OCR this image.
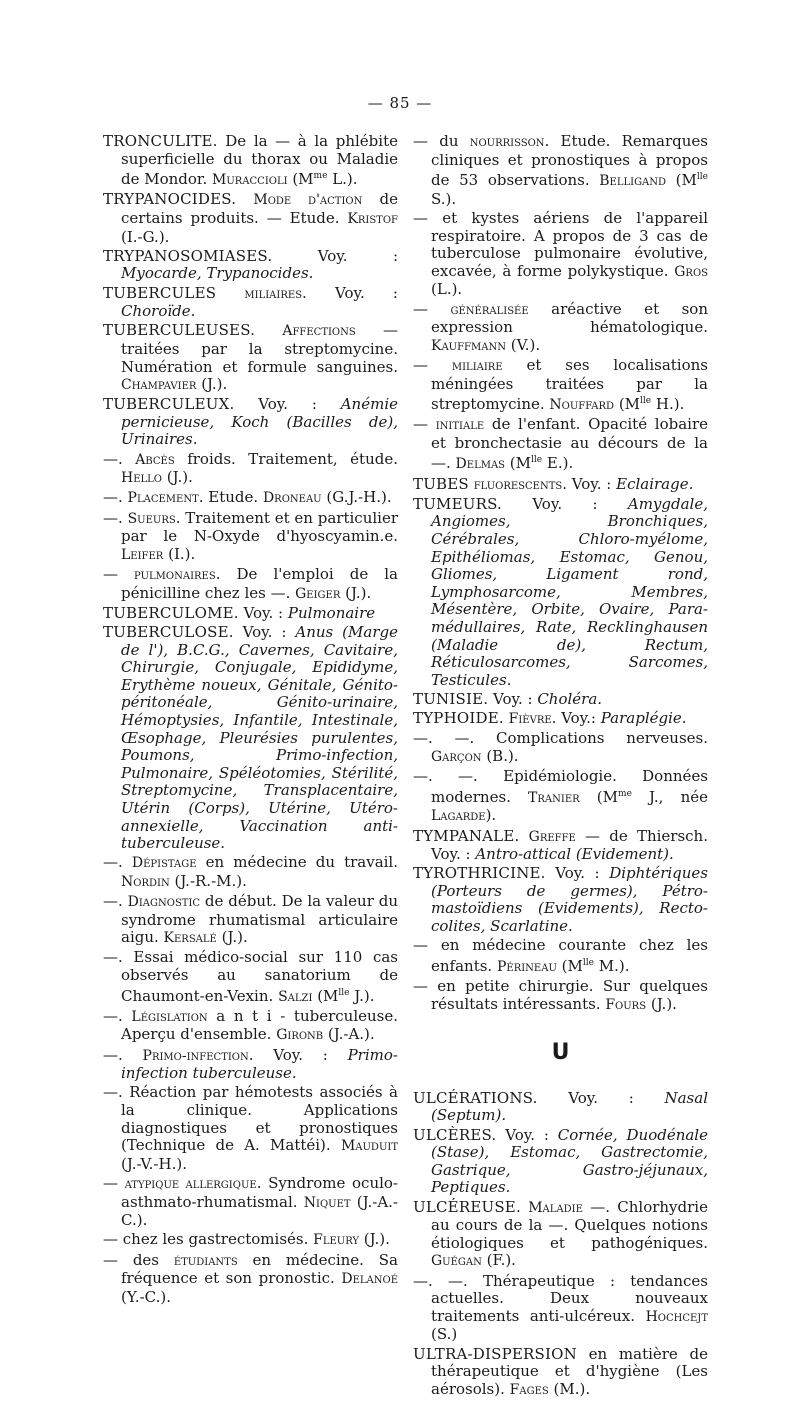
— 85 —

TRONCULITE. De la — à la phlébite superficielle du thorax ou Maladie de Mondor. Muraccioli ($M^{me}$ L.).

TRYPANOCIDES. Mode d'action de certains produits. — Etude. Kristof (I.-G.).

TRYPANOSOMIASES. Voy. : Myocarde, Trypanocides.

TUBERCULES miliaires. Voy. : Choroïde.

TUBERCULEUSES. Affections — traitées par la streptomycine. Numération et formule sanguines. Champavier (J.).

TUBERCULEUX. Voy. : Anémie pernicieuse, Koch (Bacilles de), Urinaires.

—. Abcès froids. Traitement, étude. Hello (J.).

—. Placement. Etude. Droneau (G.J.-H.).

—. Sueurs. Traitement et en particulier par le N-Oxyde d'hyoscyamin.e. Leifer (I.).

— pulmonaires. De l'emploi de la pénicilline chez les —. Geiger (J.).

TUBERCULOME. Voy. : Pulmonaire

TUBERCULOSE. Voy. : Anus (Marge de l'), B.C.G., Cavernes, Cavitaire, Chirurgie, Conjugale, Epididyme, Erythème noueux, Génitale, Génito-péritonéale, Génito-urinaire, Hémoptysies, Infantile, Intestinale, Œsophage, Pleurésies purulentes, Poumons, Primo-infection, Pulmonaire, Spéléotomies, Stérilité, Streptomycine, Transplacentaire, Utérin (Corps), Utérine, Utéro-annexielle, Vaccination anti-tuberculeuse.

—. Dépistage en médecine du travail. Nordin (J.-R.-M.).

—. Diagnostic de début. De la valeur du syndrome rhumatismal articulaire aigu. Kersalé (J.).

—. Essai médico-social sur 110 cas observés au sanatorium de Chaumont-en-Vexin. Salzi ($M^{lle}$ J.).

—. Législation a n t i - tuberculeuse. Aperçu d'ensemble. Gironb (J.-A.).

—. Primo-infection. Voy. : Primo-infection tuberculeuse.

—. Réaction par hémotests associés à la clinique. Applications diagnostiques et pronostiques (Technique de A. Mattéi). Mauduit (J.-V.-H.).

— atypique allergique. Syndrome oculo-asthmato-rhumatismal. Niquet (J.-A.-C.).

— chez les gastrectomisés. Fleury (J.).

— des étudiants en médecine. Sa fréquence et son pronostic. Delanoé (Y.-C.).

— du nourrisson. Etude. Remarques cliniques et pronostiques à propos de 53 observations. Belligand ($M^{lle}$ S.).

— et kystes aériens de l'appareil respiratoire. A propos de 3 cas de tuberculose pulmonaire évolutive, excavée, à forme polykystique. Gros (L.).

— généralisée aréactive et son expression hématologique. Kauffmann (V.).

— miliaire et ses localisations méningées traitées par la streptomycine. Nouffard ($M^{lle}$ H.).

— initiale de l'enfant. Opacité lobaire et bronchectasie au décours de la —. Delmas ($M^{lle}$ E.).

TUBES fluorescents. Voy. : Eclairage.

TUMEURS. Voy. : Amygdale, Angiomes, Bronchiques, Cérébrales, Chloro-myélome, Epithéliomas, Estomac, Genou, Gliomes, Ligament rond, Lymphosarcome, Membres, Mésentère, Orbite, Ovaire, Para-médullaires, Rate, Recklinghausen (Maladie de), Rectum, Réticulosarcomes, Sarcomes, Testicules.

TUNISIE. Voy. : Choléra.

TYPHOIDE. Fièvre. Voy.: Paraplégie.

—. —. Complications nerveuses. Garçon (B.).

—. —. Epidémiologie. Données modernes. Tranier ($M^{me}$ J., née Lagarde).

TYMPANALE. Greffe — de Thiersch. Voy. : Antro-attical (Evidement).

TYROTHRICINE. Voy. : Diphtériques (Porteurs de germes), Pétro-mastoïdiens (Evidements), Recto-colites, Scarlatine.

— en médecine courante chez les enfants. Périneau ($M^{lle}$ M.).

— en petite chirurgie. Sur quelques résultats intéressants. Fours (J.).

U

ULCÉRATIONS. Voy. : Nasal (Septum).

ULCÈRES. Voy. : Cornée, Duodénale (Stase), Estomac, Gastrectomie, Gastrique, Gastro-jéjunaux, Peptiques.

ULCÉREUSE. Maladie —. Chlorhydrie au cours de la —. Quelques notions étiologiques et pathogéniques. Guégan (F.).

—. —. Thérapeutique : tendances actuelles. Deux nouveaux traitements anti-ulcéreux. Hochcejt (S.)

ULTRA-DISPERSION en matière de thérapeutique et d'hygiène (Les aérosols). Fages (M.).
